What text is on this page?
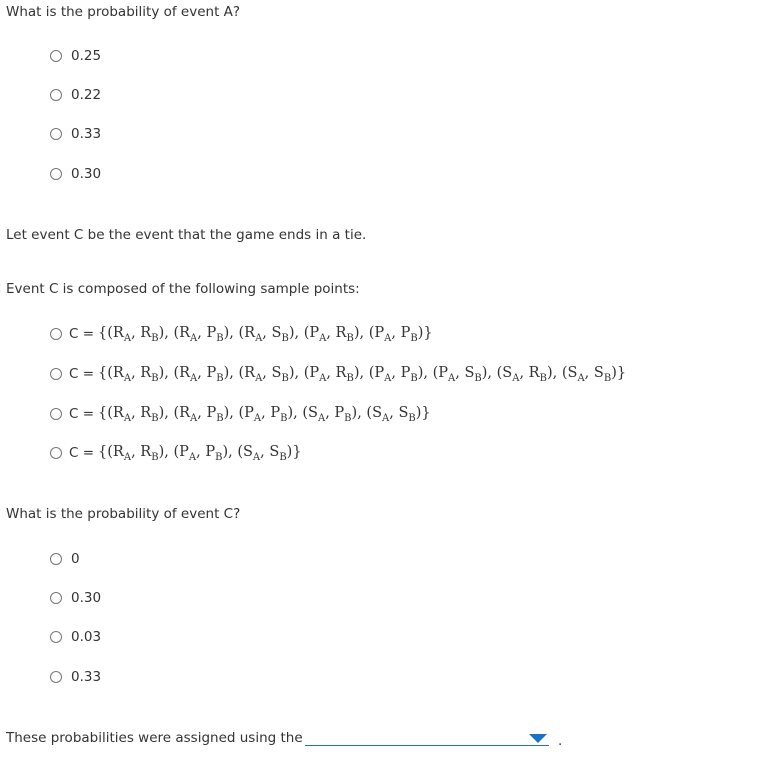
What is the probability of event A?
0.25
0.22
0.33
0.30
Let event C be the event that the game ends in a tie.
Event C is composed of the following sample points:
$C = \{(R_A$, $R_B$), ($R_A$, $P_B$), ($R_A$, $S_B$), ($P_A$, $R_B$), ($P_A$, $P_B$)}
$C = \{(R_A$, $R_B$), ($R_A$, $P_B$), ($R_A$, $S_B$), ($P_A$, $R_B$), ($P_A$, $P_B$), ($P_A$, $S_B$), ($S_A$, $R_B$), ($S_A$, $S_B$)}
$C = \{(R_A$, $R_B$), ($R_A$, $P_B$), ($P_A$, $P_B$), ($S_A$, $P_B$), ($S_A$, $S_B$)}
$C = \{(R_A$, $R_B$), ($P_A$, $P_B$), ($S_A$, $S_B$)}
What is the probability of event C?
0
0.30
0.03
0.33
These probabilities were assigned using the	.
